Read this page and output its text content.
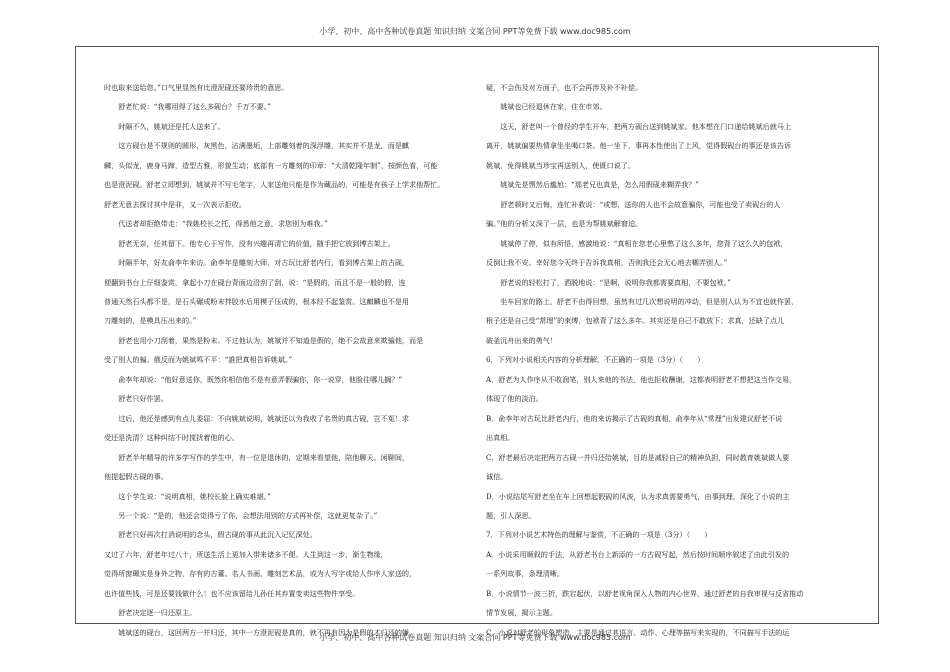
小学、初中、高中各种试卷真题 知识归纳 文案合同 PPT等免费下载 www.doc985.com

时也取来送给您。”口气里显然有比澄泥砚还要珍贵的意思。

舒老忙说：“我哪用得了这么多砚台？千万不要。”

时隔不久，姚斌还是托人送来了。

这方砚台是不规则的圆形，灰黑色，沾满墨垢，上部雕刻着的深浮雕，其实并不是龙，而是麒

麟，头似龙，鹿身马蹄，造型古雅，形貌生动；底部有一方雕刻的印章：“大清乾隆年制”，按颜色看，可能

也是澄泥砚。舒老立即想到，姚斌并不写毛笔字，人家送他只能是作为藏品的，可能是有孩子上学求他帮忙。

舒老无意去探讨其中是非，又一次表示拒收。

代送者却拒绝带走：“我姚校长之托，得悉他之意，求您别为难我。”

舒老无奈，任其留下。他专心于写作，没有兴趣再清它的价值，随手把它放到博古架上。

时隔半年，好友俞李年来访。俞李年是雕刻大师，对古玩比舒老内行，看到博古架上的古砚，

便翻到书台上仔细鉴赏，拿起小刀在砚台背面边沿刮了刮，说：“是假的，而且不是一般的假，连

普通天然石头都不是，是石头碾成粉末拌胶水后用模子压成的，根本经不起鉴赏。这麒麟也不是用

刀雕刻的，是模具压出来的。”

舒老也用小刀刮着，果然是粉末。不过他认为，姚斌并不知道是假的，绝不会故意来欺骗他，而是

受了别人的骗。俄反而为姚斌鸣不平：“誰把真相告诉姚斌。”

俞李年却说：“他好意送你，既然你相信他不是有意弄假骗你，你一说穿，他脸往哪儿搁？”

舒老只好作罢。

过后，他还是感到有点儿委屈：不向姚斌说明，姚斌还以为我收了名贵的真古砚，岂不冤！求

受还是洗清？这种纠结不时搅扰着他的心。

舒老半年精导的许多学写作的学生中，有一位是退休的，定期来看望他，陪他聊天。闲聊间，

他提起假古砚的事。

这个学生说：“说明真相，姚校长脸上确实难堪。”

另一个说：“是的，他还会觉得亏了你，会想法用别的方式再补偿，这就更复杂了。”

舒老只好再次打消说明的念头，假古砚的事从此沉入记忆深处。

又过了六年，舒老年过八十，所送生活上更加入带来诸多不便。人生到这一步，渐生物缘，

觉得所窗珮实是身外之物，存有的古董、名人书画、雕刻艺术品，或为人写字或给人作序人家送的，

也许值些钱，可是还要钱做什么！也不应该留给儿孙任其弃置变卖这些物件享受。

舒老决定逐一归还原主。

姚斌送的砚台，这回两方一并归还，其中一方澄泥砚是真的，就不再有因为是假的才归还的嫌

疑，不会伤及对方面子，也不会再涉及补不补偿。

姚斌也已经退休在家，住在市郊。

这天，舒老叫一个曾经的学生开车，把两方砚台送到姚斌家。他本想在门口递给姚斌后就马上

离开，姚斌偏要热情拿坐坐喝口茶。他一坐下，事再本性使出了上风，觉得假砚台的事还是该告诉

姚斌，免得姚斌当珍宝再送别人，使既口说了。

姚斌先是愣然后尴尬：“那老兄也真是，怎么用假砚来糊弄我？”

舒老顿时又后悔，连忙补救说：“或想，送你的人也不会故意骗你，可能也受了卖砚台的人

骗。”他的分析又深了一层，也是为帮姚斌解窘迫。

姚斌停了停，似有所悟，感激地说：“真相在您老心里憋了这么多年，您背了这么久的包袱，

反倒让我不安。幸好您今天终于告诉我真相，否则我还会无心地去糊弄别人。”

舒老说的轻松打了，洒脱地说：“是啊，说明你我都需要真相，不要包袱。”

坐车回家的路上，舒老不由得回想，虽然有过几次想说明的冲动，但是别人认为不宜也就作罢，

根子还是自己受“常理”的束缚，包袱背了这么多年。其实还是自己不敢放下；求真，还缺了点儿

破釜沉舟出来的勇气！

6．下列对小说相关内容的分析理解，不正确的一项是（3分）（　　）

A．舒老为人作序从不收润笔，别人来他的书法，他也拒收酬谢，这都表明舒老不想把这当作交易，

体现了他的淡泊。

B．俞李年对古玩比舒老内行，他的来访揭示了古砚的真相，俞李年从“常理”出发建议舒老不说

出真相。

C．舒老最后决定把两方古砚一并归还给姚斌，目的是减轻自己的精神负担，同时教育姚斌做人要

诚信。

D．小说结尾写舒老坐在车上回想起假砚的风波，认为求真需要勇气，由事到理，深化了小说的主

题，引人深思。

7．下列对小说艺术特色的理解与鉴赏，不正确的一项是（3分）（　　）

A．小说采用顺叙的手法，从舒老书台上新添的一方古砚写起，然后按时间顺序叙述了由此引发的

一系列故事，条理清晰。

B．小说情节一波三折，跌宕起伏，以舒老视角深入人物的内心世界，通过舒老的自我审视与反省推动

情节发展，揭示主题。

C．小说对舒老的形象塑造，主要是通过其语言、动作、心理等描写来实现的，不同描写手法的运

小学、初中、高中各种试卷真题 知识归纳 文案合同 PPT等免费下载 www.doc985.com
